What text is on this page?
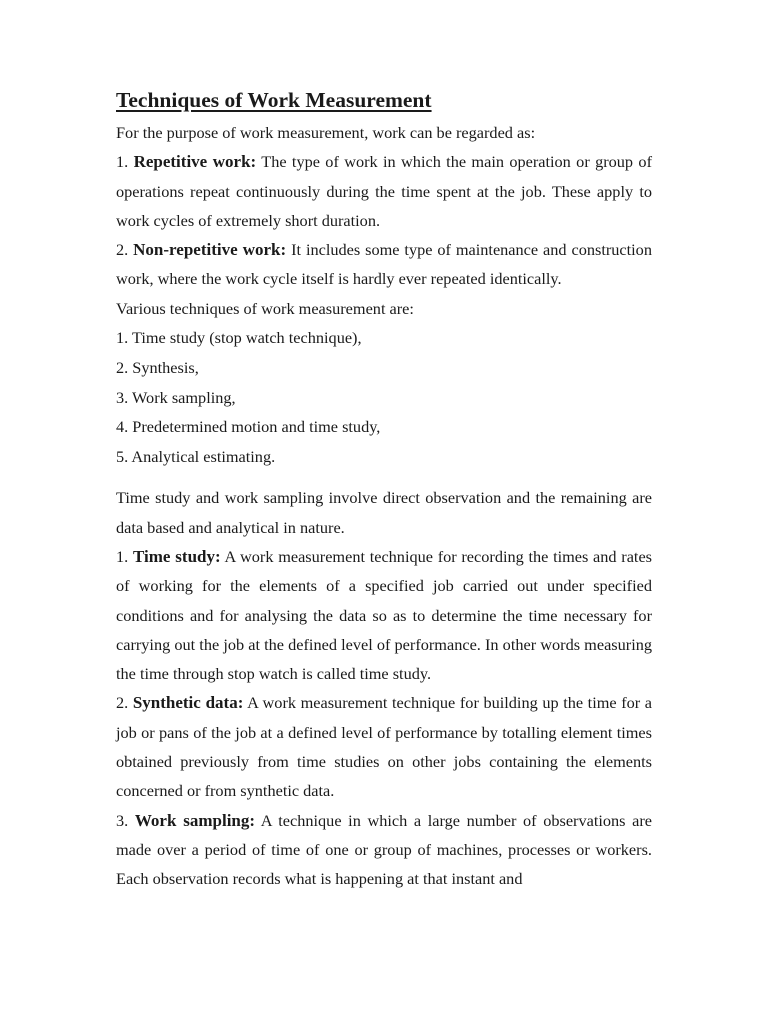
Techniques of Work Measurement

For the purpose of work measurement, work can be regarded as:

1. Repetitive work: The type of work in which the main operation or group of operations repeat continuously during the time spent at the job. These apply to work cycles of extremely short duration.

2. Non-repetitive work: It includes some type of maintenance and construction work, where the work cycle itself is hardly ever repeated identically.

Various techniques of work measurement are:

1. Time study (stop watch technique),

2. Synthesis,

3. Work sampling,

4. Predetermined motion and time study,

5. Analytical estimating.

Time study and work sampling involve direct observation and the remaining are data based and analytical in nature.

1. Time study: A work measurement technique for recording the times and rates of working for the elements of a specified job carried out under specified conditions and for analysing the data so as to determine the time necessary for carrying out the job at the defined level of performance. In other words measuring the time through stop watch is called time study.

2. Synthetic data: A work measurement technique for building up the time for a job or pans of the job at a defined level of performance by totalling element times obtained previously from time studies on other jobs containing the elements concerned or from synthetic data.

3. Work sampling: A technique in which a large number of observations are made over a period of time of one or group of machines, processes or workers. Each observation records what is happening at that instant and
